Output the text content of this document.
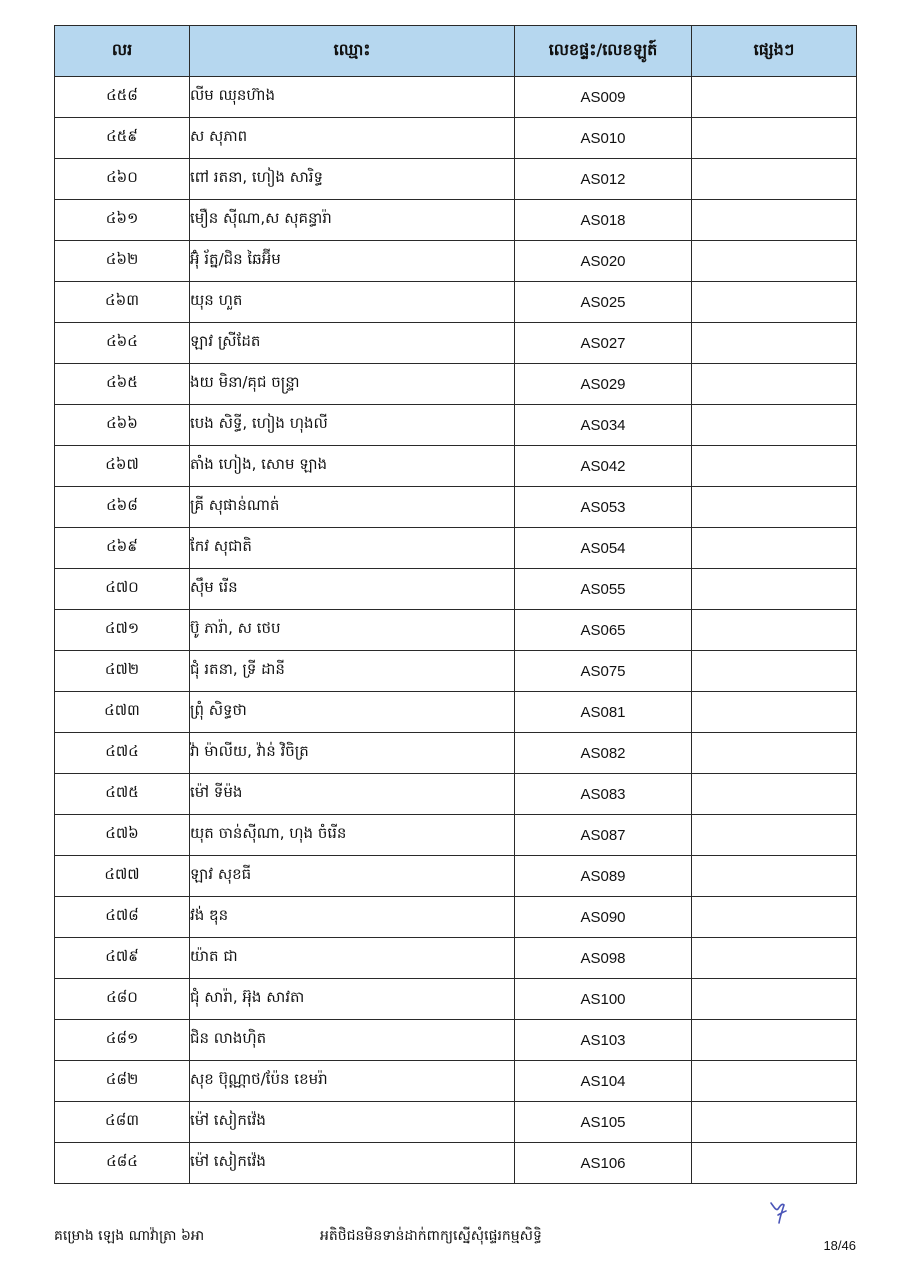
លរ	ឈ្មោះ	លេខផ្ទះ/លេខឡូត៍	ផ្សេងៗ
៤៥៨	លីម ឈុនហ៊ាង	AS009	
៤៥៩	ស សុភាព	AS010	
៤៦០	ពៅ រតនា, ហៀង សារិទ្ធ	AS012	
៤៦១	មឿន ស៊ីណា,ស សុគន្ធារ៉ា	AS018	
៤៦២	អ៊ុំ រ័ត្ន/ជិន ឆៃអ៊ីម	AS020	
៤៦៣	យុន ហួត	AS025	
៤៦៤	ឡាវ ស្រីដែត	AS027	
៤៦៥	ងយ មិនា/គុជ ចន្ទ្រា	AS029	
៤៦៦	បេង សិទ្ធី, ហៀង ហុងលី	AS034	
៤៦៧	តាំង ហៀង, សោម ឡាង	AS042	
៤៦៨	គ្រី សុផាន់ណាត់	AS053	
៤៦៩	កែវ សុជាតិ	AS054	
៤៧០	ស៊ឹម រើន	AS055	
៤៧១	ប៊ូ ភារ៉ា, ស ថេប	AS065	
៤៧២	ជុំ រតនា, ទ្រី ដានី	AS075	
៤៧៣	ព្រុំ សិទ្ធថា	AS081	
៤៧៤	វ៉ា ម៉ាលីយ, វ៉ាន់ វិចិត្រ	AS082	
៤៧៥	ម៉ៅ ទីម៉ង	AS083	
៤៧៦	យុត ចាន់ស៊ីណា, ហុង ចំរើន	AS087	
៤៧៧	ឡាវ សុខធី	AS089	
៤៧៨	វង់ ឌុន	AS090	
៤៧៩	យ៉ាត ជា	AS098	
៤៨០	ជុំ សារ៉ា, អ៊ុង សាវតា	AS100	
៤៨១	ជិន លាងហ៊ិត	AS103	
៤៨២	សុខ ប៊ុណ្ណាថ/ប៉ែន ខេមរ៉ា	AS104	
៤៨៣	ម៉ៅ សៀកវ៉េង	AS105	
៤៨៤	ម៉ៅ សៀកវ៉េង	AS106	
គម្រោង ឡេង ណាវ៉ាត្រា ៦អា	អតិថិជនមិនទាន់ដាក់ពាក្យស្នើសុំផ្ទេរកម្មសិទ្ធិ
18/46
